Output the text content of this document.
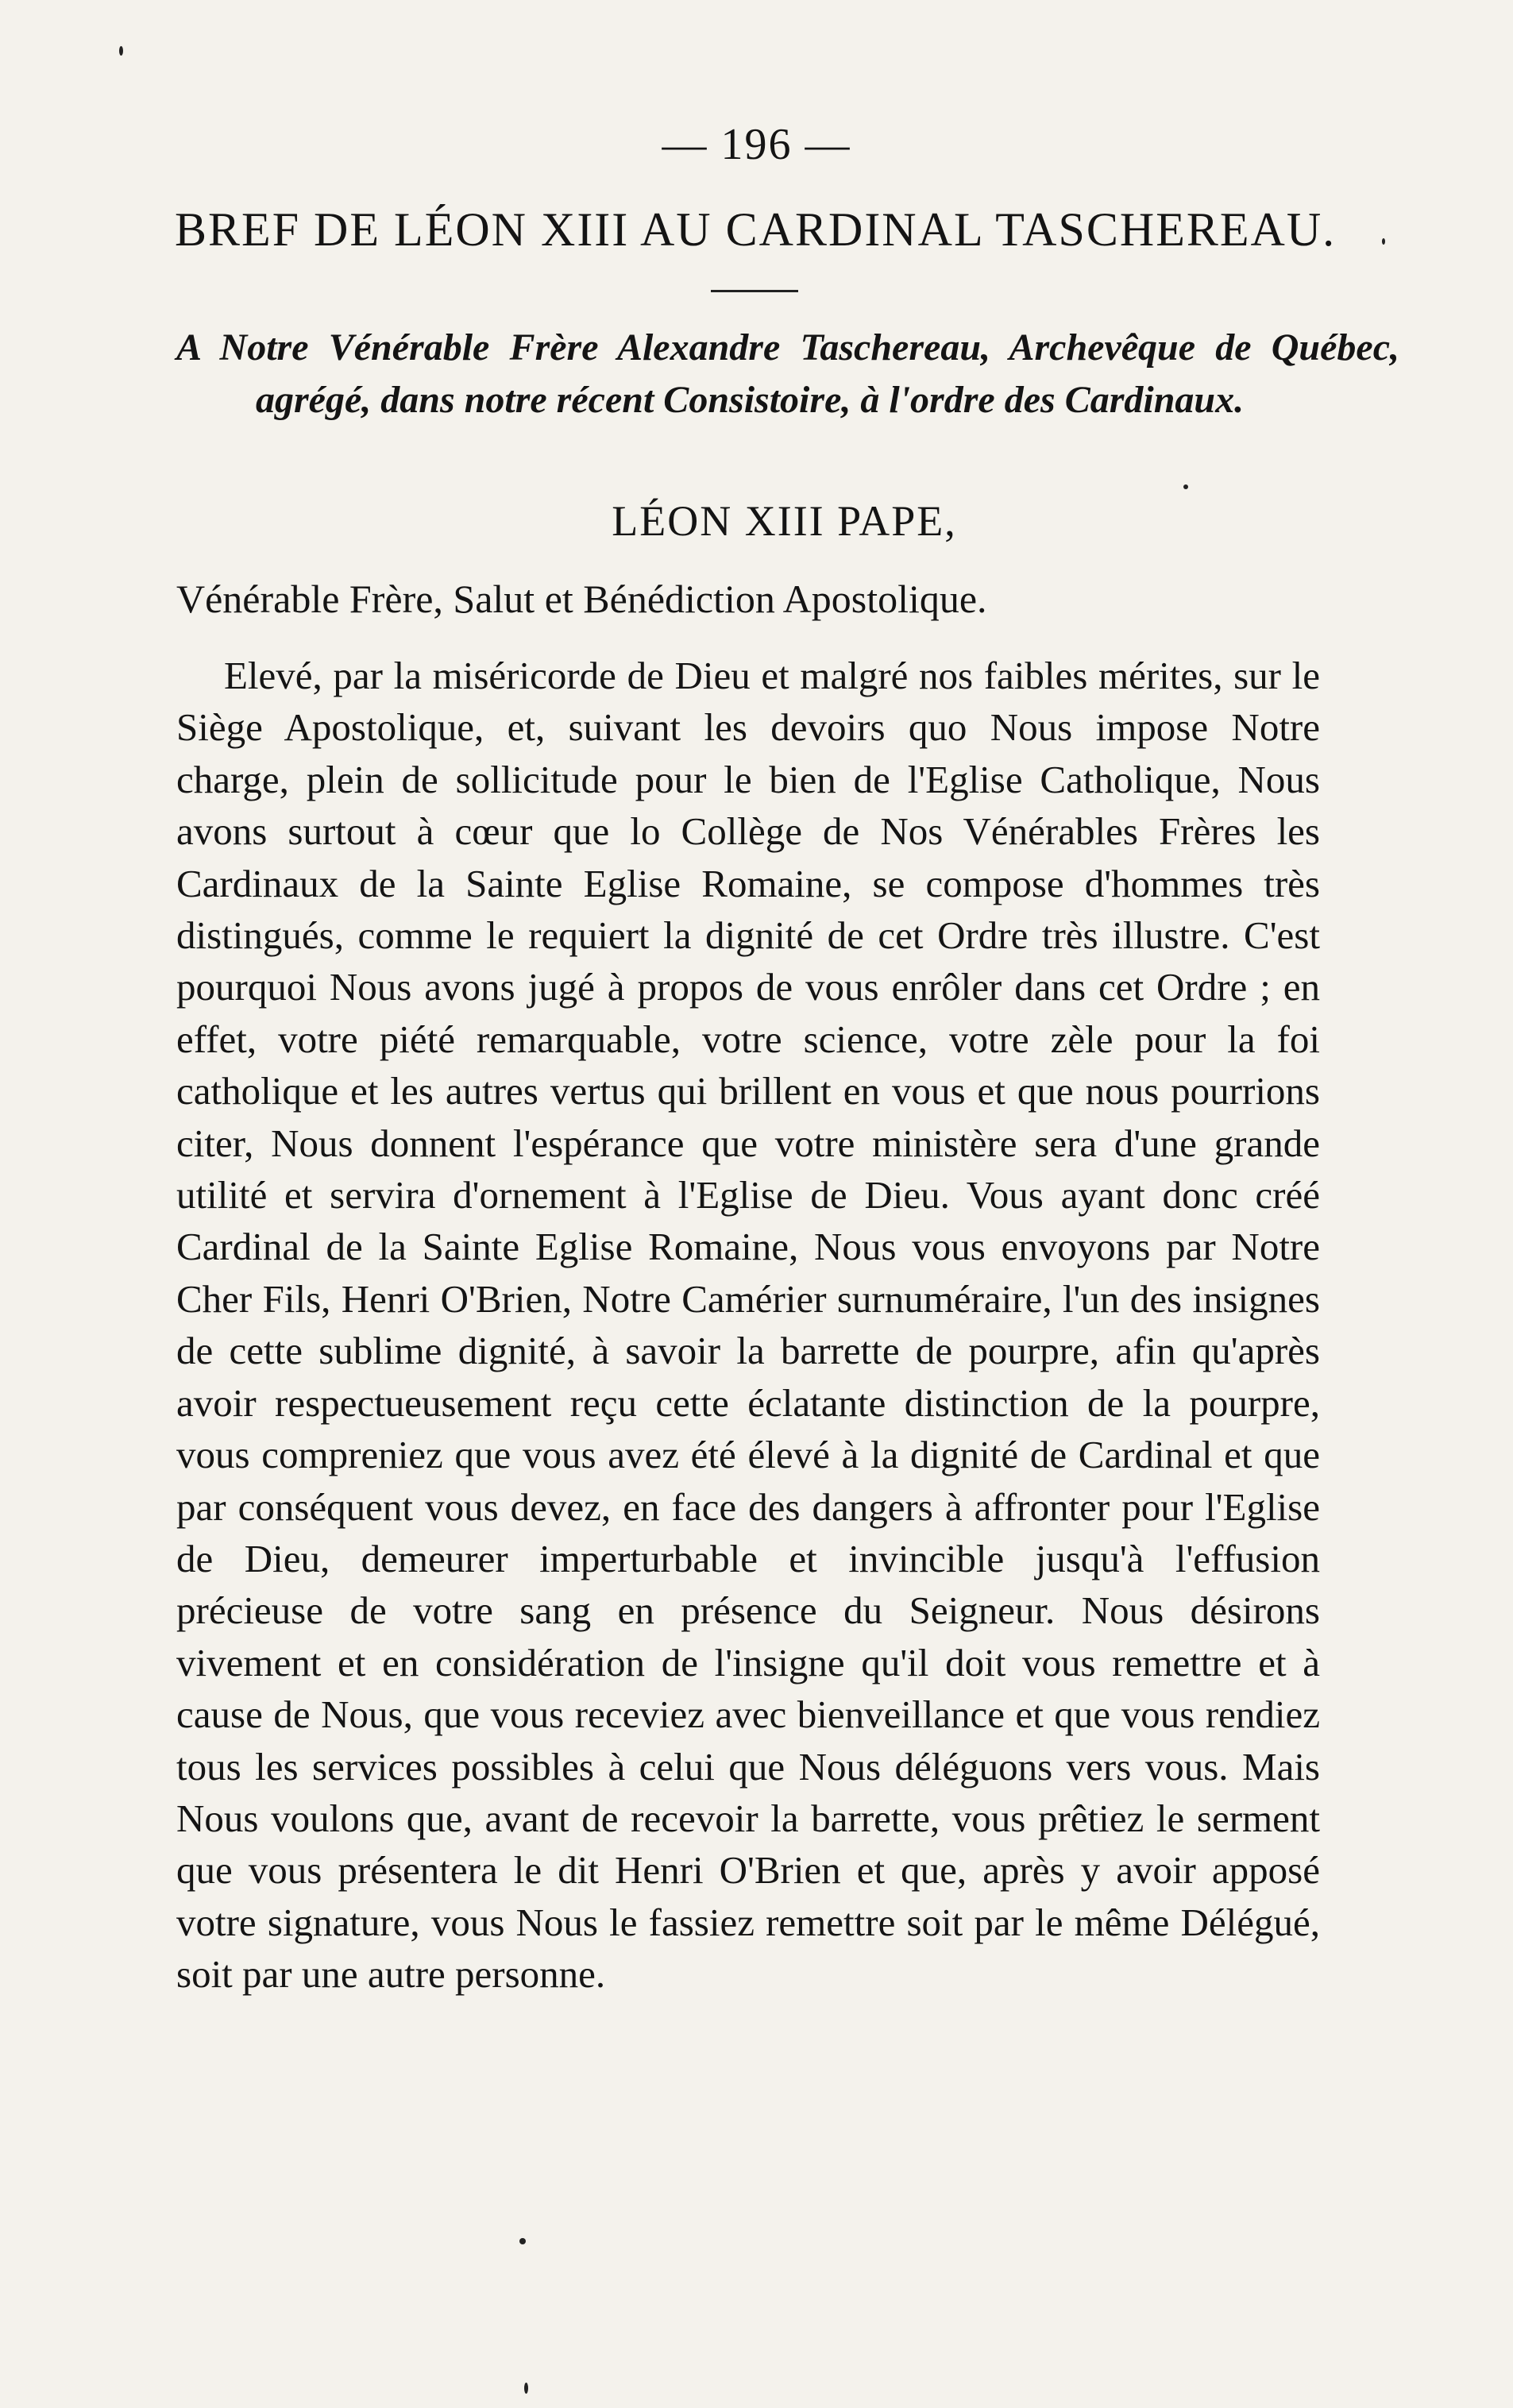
— 196 —
BREF DE LÉON XIII AU CARDINAL TASCHEREAU.
A Notre Vénérable Frère Alexandre Taschereau, Archevêque de Québec, agrégé, dans notre récent Consistoire, à l'ordre des Cardinaux.
LÉON XIII PAPE,
Vénérable Frère, Salut et Bénédiction Apostolique.
Elevé, par la miséricorde de Dieu et malgré nos faibles mérites, sur le Siège Apostolique, et, suivant les devoirs quo Nous impose Notre charge, plein de sollicitude pour le bien de l'Eglise Catholique, Nous avons surtout à cœur que lo Collège de Nos Vénérables Frères les Cardinaux de la Sainte Eglise Romaine, se compose d'hommes très distingués, comme le requiert la dignité de cet Ordre très illustre. C'est pourquoi Nous avons jugé à propos de vous enrôler dans cet Ordre ; en effet, votre piété remarquable, votre science, votre zèle pour la foi catholique et les autres vertus qui brillent en vous et que nous pourrions citer, Nous donnent l'espérance que votre ministère sera d'une grande utilité et servira d'ornement à l'Eglise de Dieu. Vous ayant donc créé Cardinal de la Sainte Eglise Romaine, Nous vous envoyons par Notre Cher Fils, Henri O'Brien, Notre Camérier surnuméraire, l'un des insignes de cette sublime dignité, à savoir la barrette de pourpre, afin qu'après avoir respectueusement reçu cette éclatante distinction de la pourpre, vous compreniez que vous avez été élevé à la dignité de Cardinal et que par conséquent vous devez, en face des dangers à affronter pour l'Eglise de Dieu, demeurer imperturbable et invincible jusqu'à l'effusion précieuse de votre sang en présence du Seigneur. Nous désirons vivement et en considération de l'insigne qu'il doit vous remettre et à cause de Nous, que vous receviez avec bienveillance et que vous rendiez tous les services possibles à celui que Nous déléguons vers vous. Mais Nous voulons que, avant de recevoir la barrette, vous prêtiez le serment que vous présentera le dit Henri O'Brien et que, après y avoir apposé votre signature, vous Nous le fassiez remettre soit par le même Délégué, soit par une autre personne.
